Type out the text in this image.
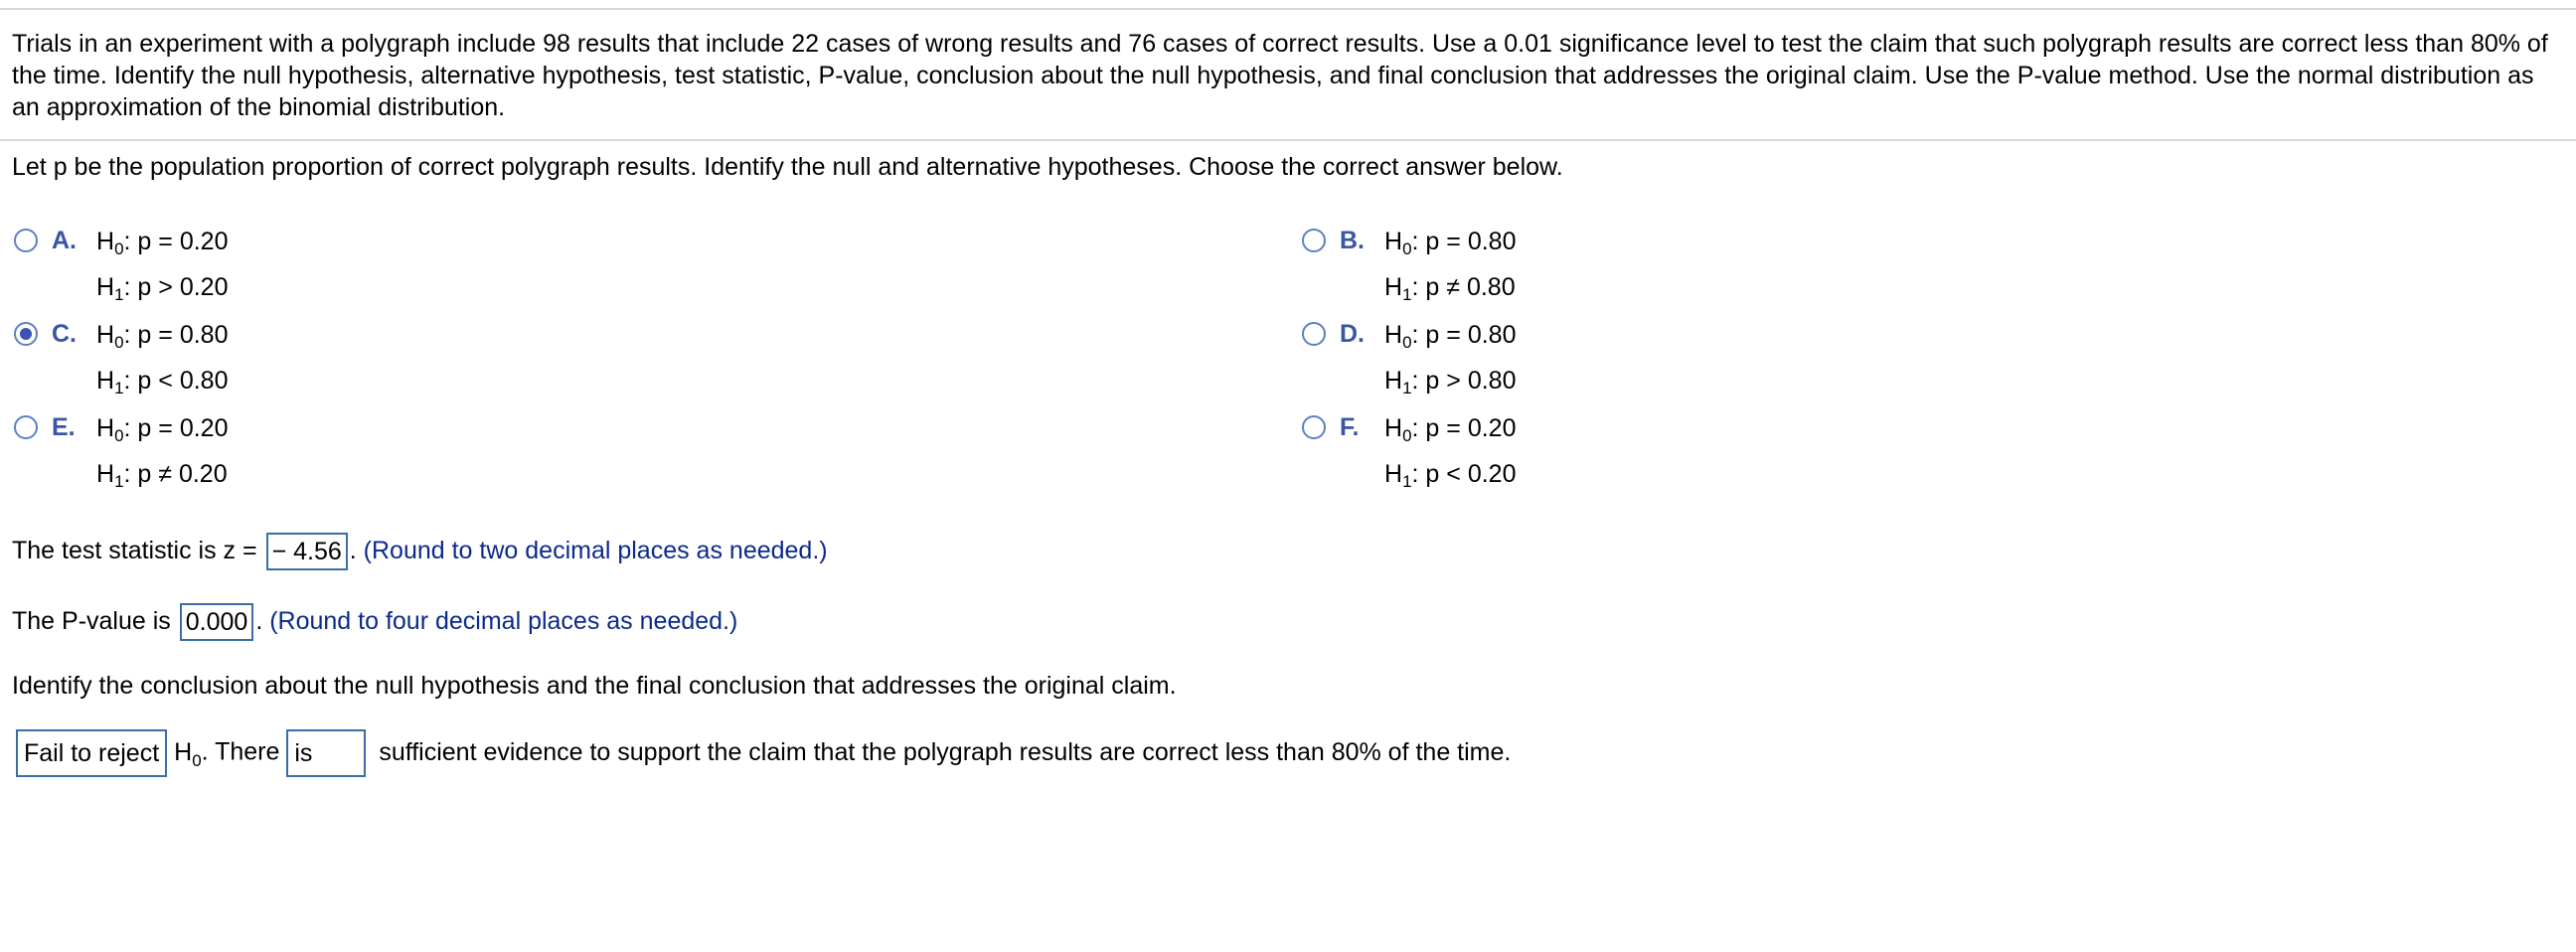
Trials in an experiment with a polygraph include 98 results that include 22 cases of wrong results and 76 cases of correct results. Use a 0.01 significance level to test the claim that such polygraph results are correct less than 80% of the time. Identify the null hypothesis, alternative hypothesis, test statistic, P-value, conclusion about the null hypothesis, and final conclusion that addresses the original claim. Use the P-value method. Use the normal distribution as an approximation of the binomial distribution.

Let p be the population proportion of correct polygraph results. Identify the null and alternative hypotheses. Choose the correct answer below.

A. $H_0$: p = 0.20
$H_1$: p > 0.20
B. $H_0$: p = 0.80
$H_1$: p ≠ 0.80
C. $H_0$: p = 0.80
$H_1$: p < 0.80
D. $H_0$: p = 0.80
$H_1$: p > 0.80
E. $H_0$: p = 0.20
$H_1$: p ≠ 0.20
F.	$H_0$: p = 0.20
$H_1$: p < 0.20
The test statistic is z = − 4.56 . (Round to two decimal places as needed.)
The P-value is 0.000 . (Round to four decimal places as needed.)
Identify the conclusion about the null hypothesis and the final conclusion that addresses the original claim.
Fail to reject $H_0$. There is	sufficient evidence to support the claim that the polygraph results are correct less than 80% of the time.
